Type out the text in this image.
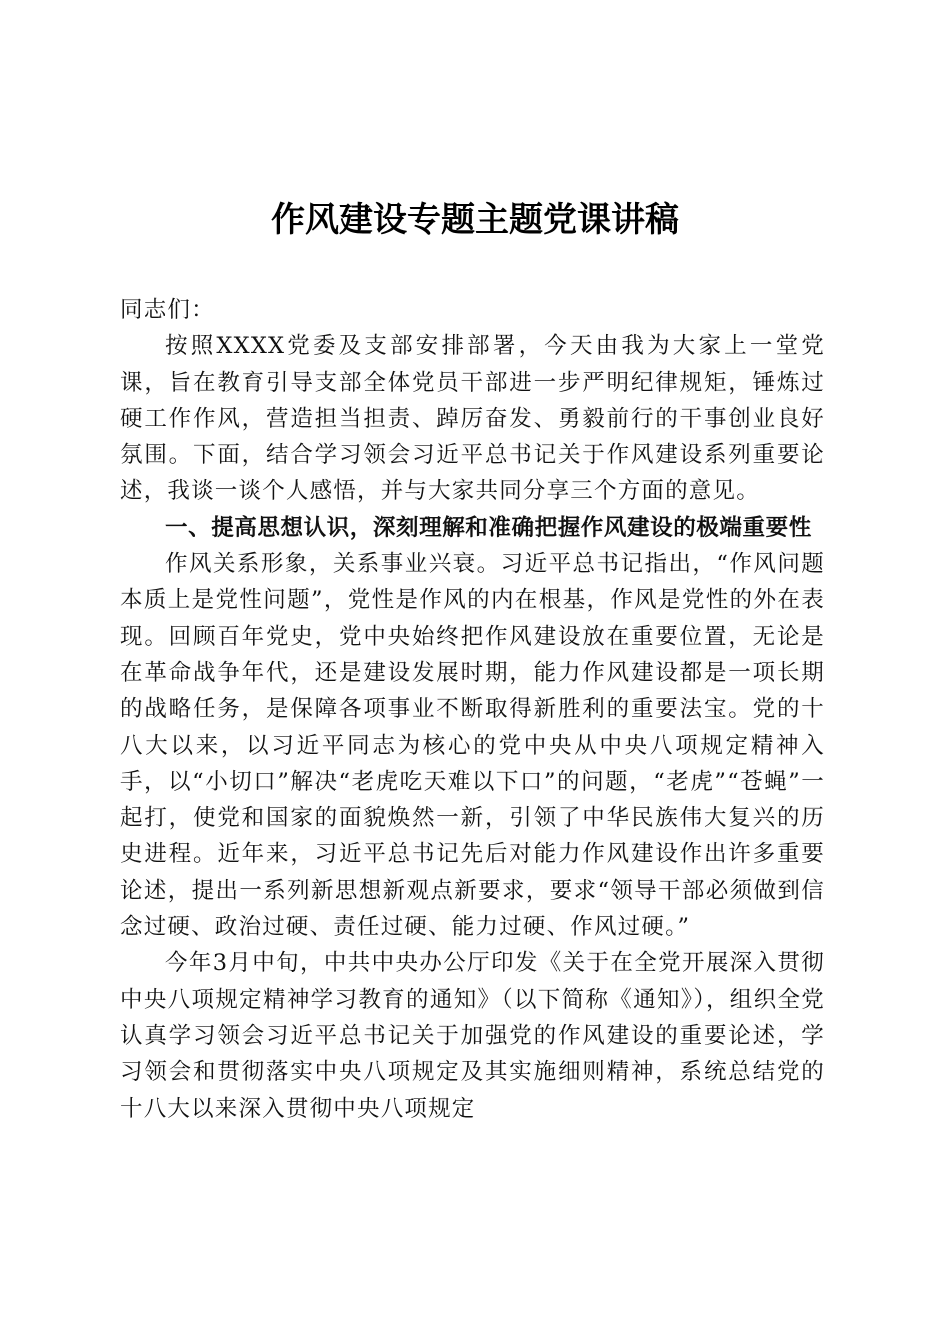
作风建设专题主题党课讲稿

同志们：

按照XXXX党委及支部安排部署，今天由我为大家上一堂党课，旨在教育引导支部全体党员干部进一步严明纪律规矩，锤炼过硬工作作风，营造担当担责、踔厉奋发、勇毅前行的干事创业良好氛围。下面，结合学习领会习近平总书记关于作风建设系列重要论述，我谈一谈个人感悟，并与大家共同分享三个方面的意见。

一、提高思想认识，深刻理解和准确把握作风建设的极端重要性

作风关系形象，关系事业兴衰。习近平总书记指出，“作风问题本质上是党性问题”，党性是作风的内在根基，作风是党性的外在表现。回顾百年党史，党中央始终把作风建设放在重要位置，无论是在革命战争年代，还是建设发展时期，能力作风建设都是一项长期的战略任务，是保障各项事业不断取得新胜利的重要法宝。党的十八大以来，以习近平同志为核心的党中央从中央八项规定精神入手，以“小切口”解决“老虎吃天难以下口”的问题，“老虎”“苍蝇”一起打，使党和国家的面貌焕然一新，引领了中华民族伟大复兴的历史进程。近年来，习近平总书记先后对能力作风建设作出许多重要论述，提出一系列新思想新观点新要求，要求“领导干部必须做到信念过硬、政治过硬、责任过硬、能力过硬、作风过硬。”

今年3月中旬，中共中央办公厅印发《关于在全党开展深入贯彻中央八项规定精神学习教育的通知》（以下简称《通知》），组织全党认真学习领会习近平总书记关于加强党的作风建设的重要论述，学习领会和贯彻落实中央八项规定及其实施细则精神，系统总结党的十八大以来深入贯彻中央八项规定
